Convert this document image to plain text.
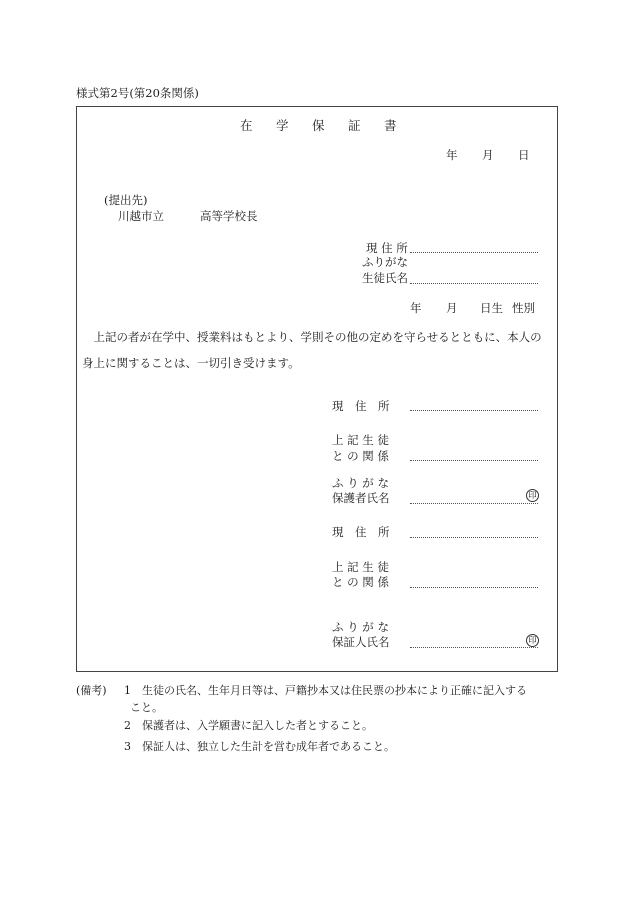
様式第2号(第20条関係)
在 学 保 証 書
年 月 日
(提出先)
川越市立	高等学校長
現 住 所
ふりがな
生徒氏名
年 月 日生 性別
　上記の者が在学中、授業料はもとより、学則その他の定めを守らせるとともに、本人の
身上に関することは、一切引き受けます。
現　住　所
上 記 生 徒
と の 関 係
ふ り が な
保護者氏名	印
現　住　所
上 記 生 徒
と の 関 係
ふ り が な
保証人氏名	印
(備考) 1 生徒の氏名、生年月日等は、戸籍抄本又は住民票の抄本により正確に記入する
こと。
2 保護者は、入学願書に記入した者とすること。
3 保証人は、独立した生計を営む成年者であること。
